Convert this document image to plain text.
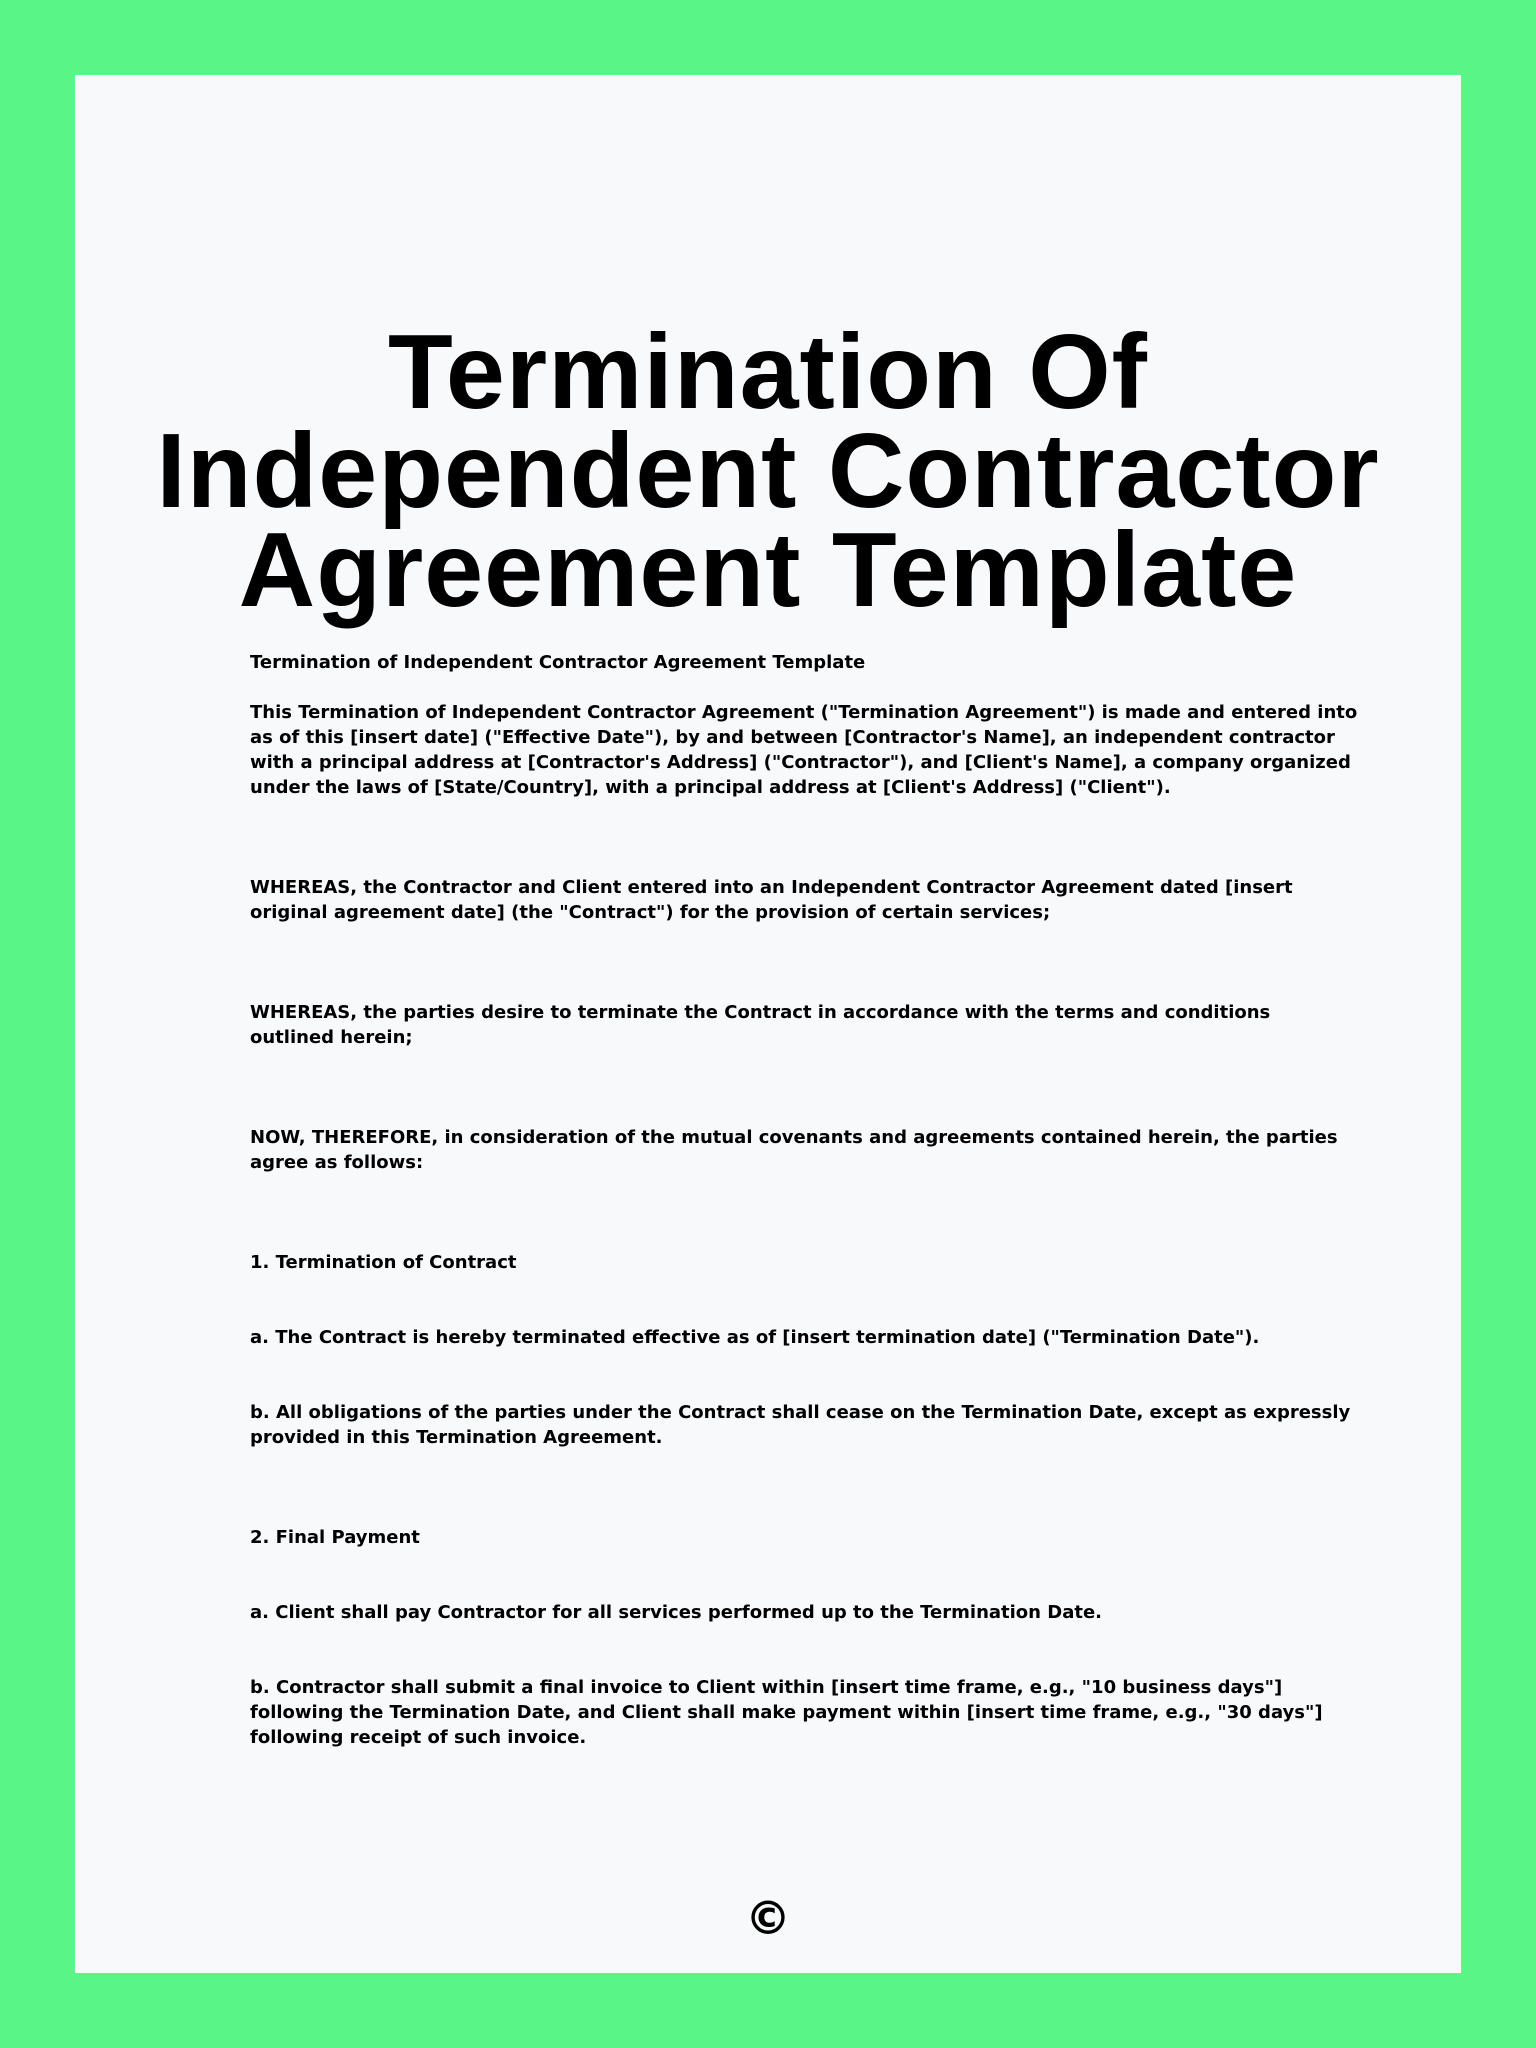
Termination Of Independent Contractor Agreement Template

Termination of Independent Contractor Agreement Template

This Termination of Independent Contractor Agreement ("Termination Agreement") is made and entered into as of this [insert date] ("Effective Date"), by and between [Contractor's Name], an independent contractor with a principal address at [Contractor's Address] ("Contractor"), and [Client's Name], a company organized under the laws of [State/Country], with a principal address at [Client's Address] ("Client").

WHEREAS, the Contractor and Client entered into an Independent Contractor Agreement dated [insert original agreement date] (the "Contract") for the provision of certain services;

WHEREAS, the parties desire to terminate the Contract in accordance with the terms and conditions outlined herein;

NOW, THEREFORE, in consideration of the mutual covenants and agreements contained herein, the parties agree as follows:

1. Termination of Contract

a. The Contract is hereby terminated effective as of [insert termination date] ("Termination Date").

b. All obligations of the parties under the Contract shall cease on the Termination Date, except as expressly provided in this Termination Agreement.

2. Final Payment

a. Client shall pay Contractor for all services performed up to the Termination Date.

b. Contractor shall submit a final invoice to Client within [insert time frame, e.g., "10 business days"] following the Termination Date, and Client shall make payment within [insert time frame, e.g., "30 days"] following receipt of such invoice.

©
